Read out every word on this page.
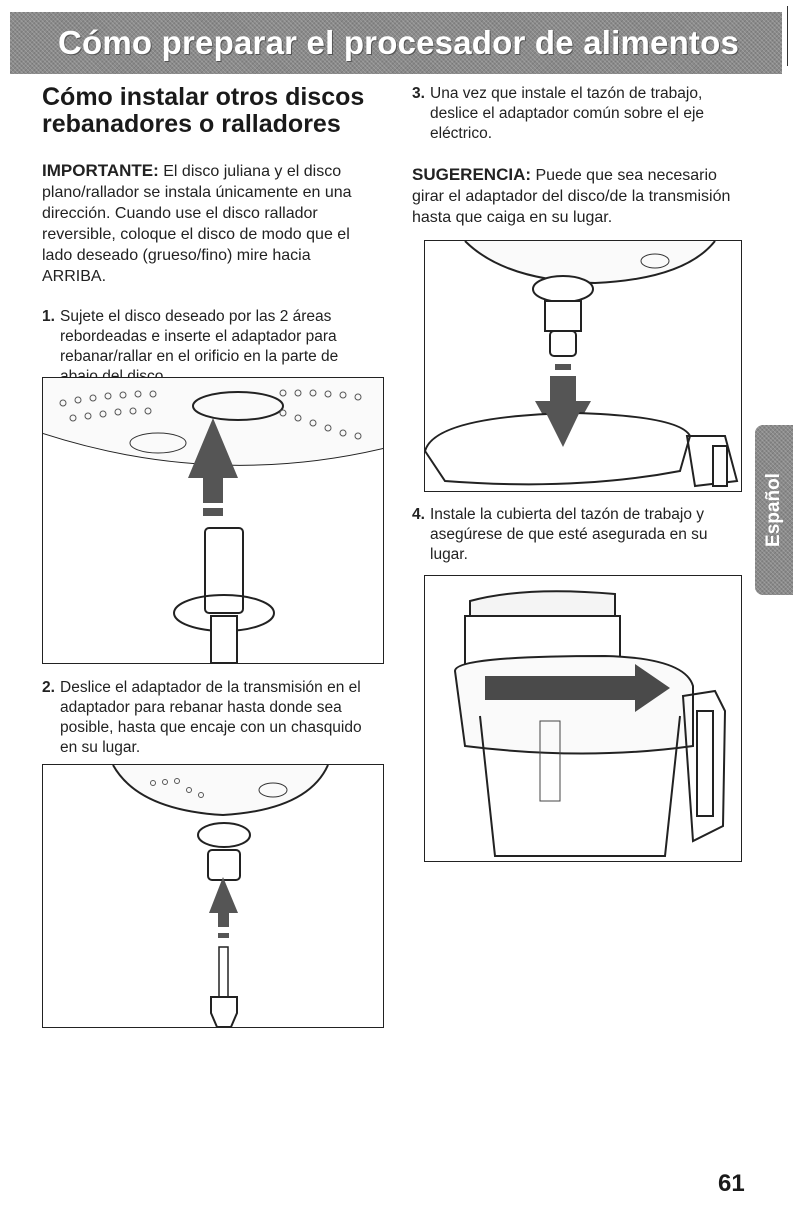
Cómo preparar el procesador de alimentos
Español
Cómo instalar otros discos rebanadores o ralladores
IMPORTANTE: El disco juliana y el disco plano/rallador se instala únicamente en una dirección. Cuando use el disco rallador reversible, coloque el disco de modo que el lado deseado (grueso/fino) mire hacia ARRIBA.
1. Sujete el disco deseado por las 2 áreas rebordeadas e inserte el adaptador para rebanar/rallar en el orificio en la parte de
2. Deslice el adaptador de la transmisión en el adaptador para rebanar hasta donde sea posible, hasta que encaje con un chasquido en su lugar.
3. Una vez que instale el tazón de trabajo, deslice el adaptador común sobre el eje eléctrico.
SUGERENCIA: Puede que sea necesario girar el adaptador del disco/de la transmisión hasta que caiga en su lugar.
4. Instale la cubierta del tazón de trabajo y asegúrese de que esté asegurada en su lugar.
61
